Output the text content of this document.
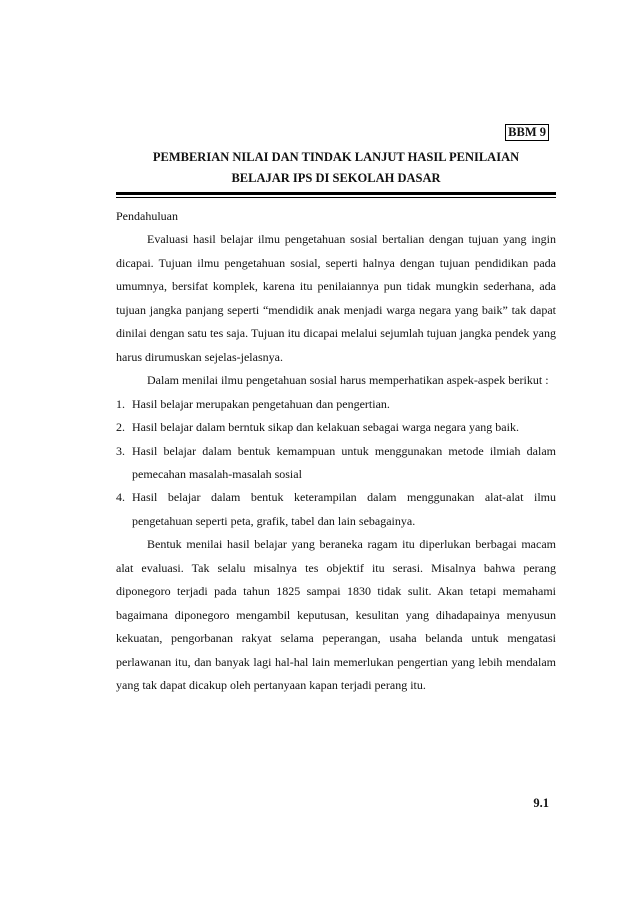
BBM 9
PEMBERIAN NILAI DAN TINDAK LANJUT HASIL PENILAIAN
BELAJAR IPS DI SEKOLAH DASAR

Pendahuluan

Evaluasi hasil belajar ilmu pengetahuan sosial bertalian dengan tujuan yang ingin dicapai. Tujuan ilmu pengetahuan sosial, seperti halnya dengan tujuan pendidikan pada umumnya, bersifat komplek, karena itu penilaiannya pun tidak mungkin sederhana, ada tujuan jangka panjang seperti “mendidik anak menjadi warga negara yang baik” tak dapat dinilai dengan satu tes saja. Tujuan itu dicapai melalui sejumlah tujuan jangka pendek yang harus dirumuskan sejelas-jelasnya.

Dalam menilai ilmu pengetahuan sosial harus memperhatikan aspek-aspek berikut :

1. Hasil belajar merupakan pengetahuan dan pengertian.
2. Hasil belajar dalam berntuk sikap dan kelakuan sebagai warga negara yang baik.
3. Hasil belajar dalam bentuk kemampuan untuk menggunakan metode ilmiah dalam pemecahan masalah-masalah sosial
4. Hasil belajar dalam bentuk keterampilan dalam menggunakan alat-alat ilmu pengetahuan seperti peta, grafik, tabel dan lain sebagainya.

Bentuk menilai hasil belajar yang beraneka ragam itu diperlukan berbagai macam alat evaluasi. Tak selalu misalnya tes objektif itu serasi. Misalnya bahwa perang diponegoro terjadi pada tahun 1825 sampai 1830 tidak sulit. Akan tetapi memahami bagaimana diponegoro mengambil keputusan, kesulitan yang dihadapainya menyusun kekuatan, pengorbanan rakyat selama peperangan, usaha belanda untuk mengatasi perlawanan itu, dan banyak lagi hal-hal lain memerlukan pengertian yang lebih mendalam yang tak dapat dicakup oleh pertanyaan kapan terjadi perang itu.

9.1
